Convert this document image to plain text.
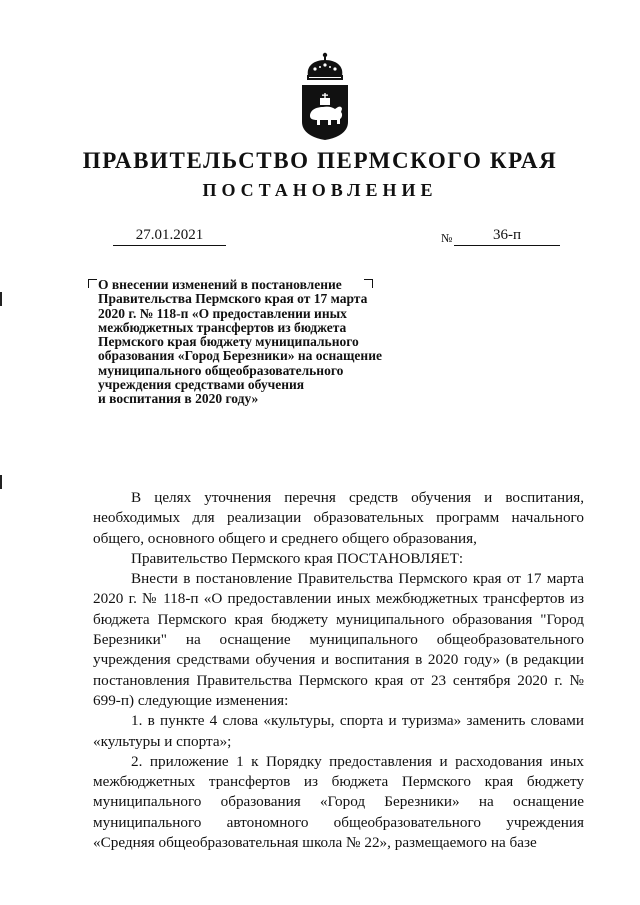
ПРАВИТЕЛЬСТВО ПЕРМСКОГО КРАЯ
ПОСТАНОВЛЕНИЕ
27.01.2021	№	36-п
О внесении изменений в постановление
Правительства Пермского края от 17 марта
2020 г. № 118-п «О предоставлении иных
межбюджетных трансфертов из бюджета
Пермского края бюджету муниципального
образования «Город Березники» на оснащение
муниципального общеобразовательного
учреждения средствами обучения
и воспитания в 2020 году»

В целях уточнения перечня средств обучения и воспитания, необходимых для реализации образовательных программ начального общего, основного общего и среднего общего образования,

Правительство Пермского края ПОСТАНОВЛЯЕТ:

Внести в постановление Правительства Пермского края от 17 марта 2020 г. № 118-п «О предоставлении иных межбюджетных трансфертов из бюджета Пермского края бюджету муниципального образования "Город Березники" на оснащение муниципального общеобразовательного учреждения средствами обучения и воспитания в 2020 году» (в редакции постановления Правительства Пермского края от 23 сентября 2020 г. № 699-п) следующие изменения:

1. в пункте 4 слова «культуры, спорта и туризма» заменить словами «культуры и спорта»;

2. приложение 1 к Порядку предоставления и расходования иных межбюджетных трансфертов из бюджета Пермского края бюджету муниципального образования «Город Березники» на оснащение муниципального автономного общеобразовательного учреждения «Средняя общеобразовательная школа № 22», размещаемого на базе
